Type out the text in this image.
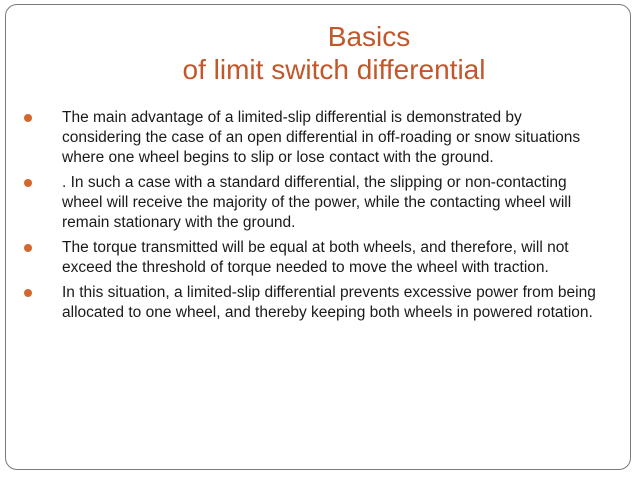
Basics
of limit switch differential
The main advantage of a limited-slip differential is demonstrated by considering the case of an open differential in off-roading or snow situations where one wheel begins to slip or lose contact with the ground.
. In such a case with a standard differential, the slipping or non-contacting wheel will receive the majority of the power, while the contacting wheel will remain stationary with the ground.
The torque transmitted will be equal at both wheels, and therefore, will not exceed the threshold of torque needed to move the wheel with traction.
In this situation, a limited-slip differential prevents excessive power from being allocated to one wheel, and thereby keeping both wheels in powered rotation.
